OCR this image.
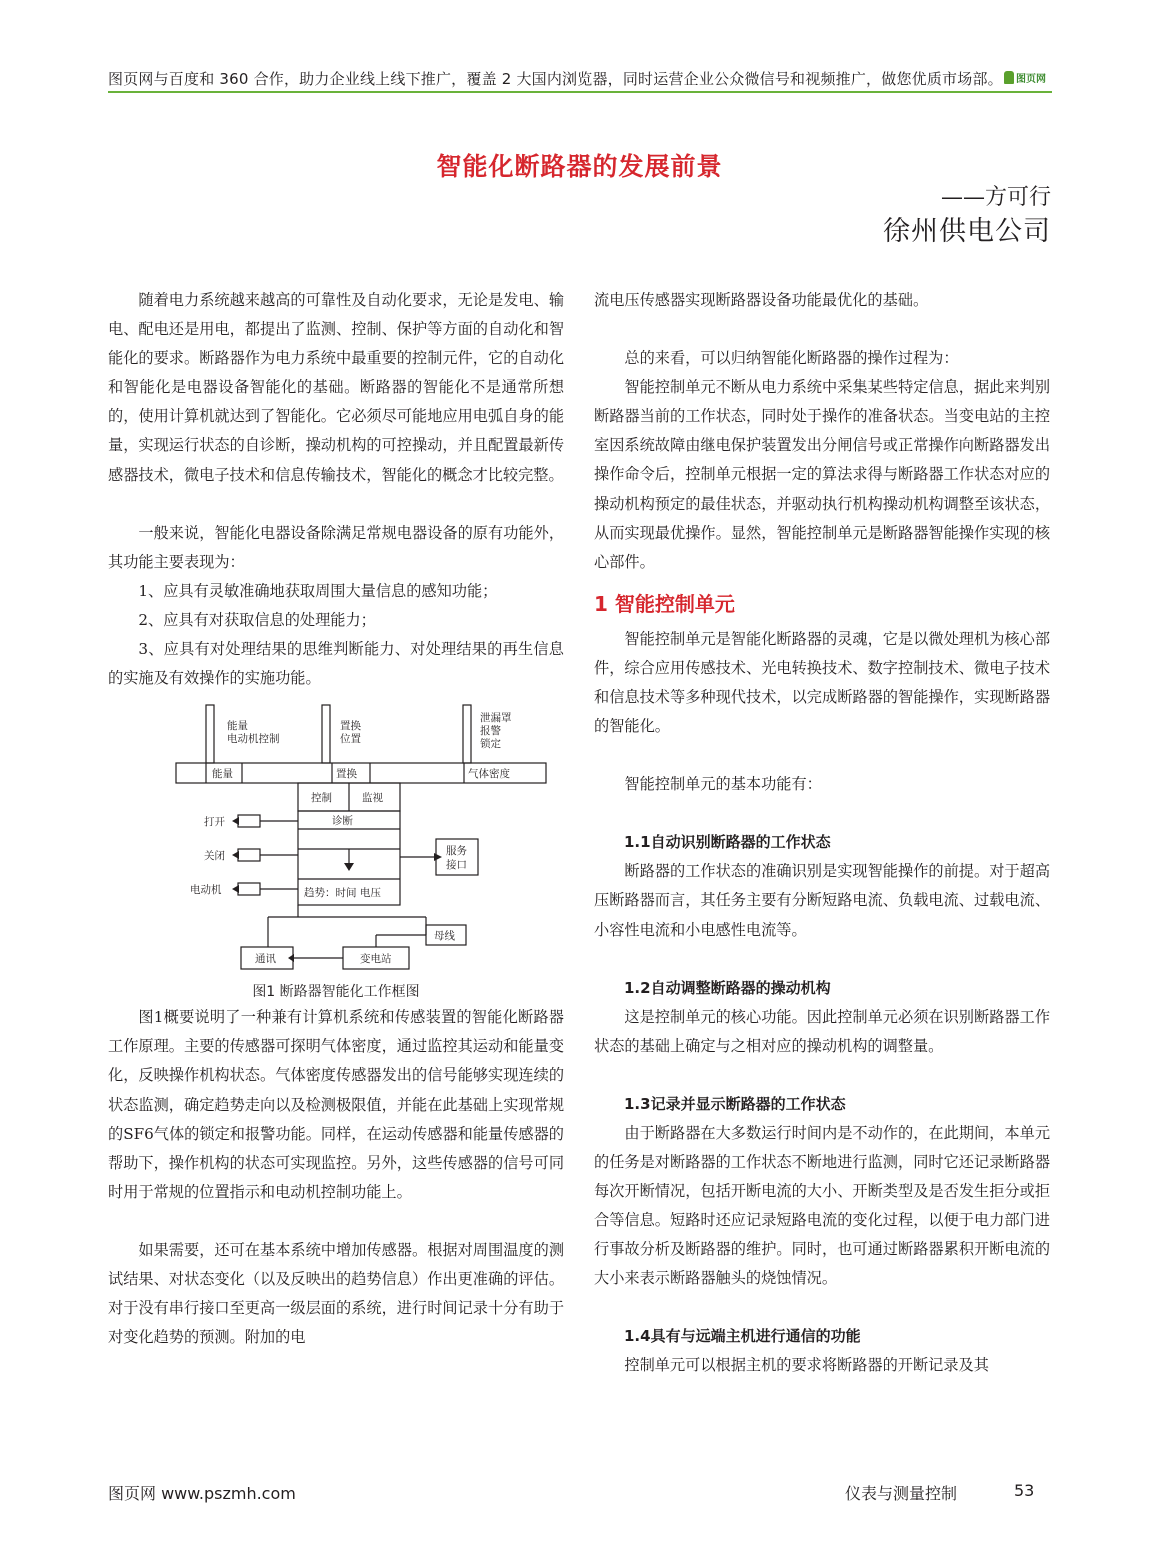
图页网与百度和 360 合作，助力企业线上线下推广，覆盖 2 大国内浏览器，同时运营企业公众微信号和视频推广，做您优质市场部。 图页网
智能化断路器的发展前景
——方可行
徐州供电公司

随着电力系统越来越高的可靠性及自动化要求，无论是发电、输电、配电还是用电，都提出了监测、控制、保护等方面的自动化和智能化的要求。断路器作为电力系统中最重要的控制元件，它的自动化和智能化是电器设备智能化的基础。断路器的智能化不是通常所想的，使用计算机就达到了智能化。它必须尽可能地应用电弧自身的能量，实现运行状态的自诊断，操动机构的可控操动，并且配置最新传感器技术，微电子技术和信息传输技术，智能化的概念才比较完整。

一般来说，智能化电器设备除满足常规电器设备的原有功能外，其功能主要表现为：

1、应具有灵敏准确地获取周围大量信息的感知功能；

2、应具有对获取信息的处理能力；

3、应具有对处理结果的思维判断能力、对处理结果的再生信息的实施及有效操作的实施功能。

能量
电动机控制
置换
位置
泄漏罩
报警
锁定
能量	置换	气体密度
控制	监视
诊断
打开
关闭
电动机
服务
接口
趋势：时间 电压
母线
通讯	变电站

图1 断路器智能化工作框图

图1概要说明了一种兼有计算机系统和传感装置的智能化断路器工作原理。主要的传感器可探明气体密度，通过监控其运动和能量变化，反映操作机构状态。气体密度传感器发出的信号能够实现连续的状态监测，确定趋势走向以及检测极限值，并能在此基础上实现常规的SF6气体的锁定和报警功能。同样，在运动传感器和能量传感器的帮助下，操作机构的状态可实现监控。另外，这些传感器的信号可同时用于常规的位置指示和电动机控制功能上。

如果需要，还可在基本系统中增加传感器。根据对周围温度的测试结果、对状态变化（以及反映出的趋势信息）作出更准确的评估。对于没有串行接口至更高一级层面的系统，进行时间记录十分有助于对变化趋势的预测。附加的电

流电压传感器实现断路器设备功能最优化的基础。

总的来看，可以归纳智能化断路器的操作过程为：

智能控制单元不断从电力系统中采集某些特定信息，据此来判别断路器当前的工作状态，同时处于操作的准备状态。当变电站的主控室因系统故障由继电保护装置发出分闸信号或正常操作向断路器发出操作命令后，控制单元根据一定的算法求得与断路器工作状态对应的操动机构预定的最佳状态，并驱动执行机构操动机构调整至该状态，从而实现最优操作。显然，智能控制单元是断路器智能操作实现的核心部件。

1 智能控制单元

智能控制单元是智能化断路器的灵魂，它是以微处理机为核心部件，综合应用传感技术、光电转换技术、数字控制技术、微电子技术和信息技术等多种现代技术，以完成断路器的智能操作，实现断路器的智能化。

智能控制单元的基本功能有：

1.1自动识别断路器的工作状态

断路器的工作状态的准确识别是实现智能操作的前提。对于超高压断路器而言，其任务主要有分断短路电流、负载电流、过载电流、小容性电流和小电感性电流等。

1.2自动调整断路器的操动机构

这是控制单元的核心功能。因此控制单元必须在识别断路器工作状态的基础上确定与之相对应的操动机构的调整量。

1.3记录并显示断路器的工作状态

由于断路器在大多数运行时间内是不动作的，在此期间，本单元的任务是对断路器的工作状态不断地进行监测，同时它还记录断路器每次开断情况，包括开断电流的大小、开断类型及是否发生拒分或拒合等信息。短路时还应记录短路电流的变化过程，以便于电力部门进行事故分析及断路器的维护。同时，也可通过断路器累积开断电流的大小来表示断路器触头的烧蚀情况。

1.4具有与远端主机进行通信的功能

控制单元可以根据主机的要求将断路器的开断记录及其

图页网 www.pszmh.com	仪表与测量控制	53
